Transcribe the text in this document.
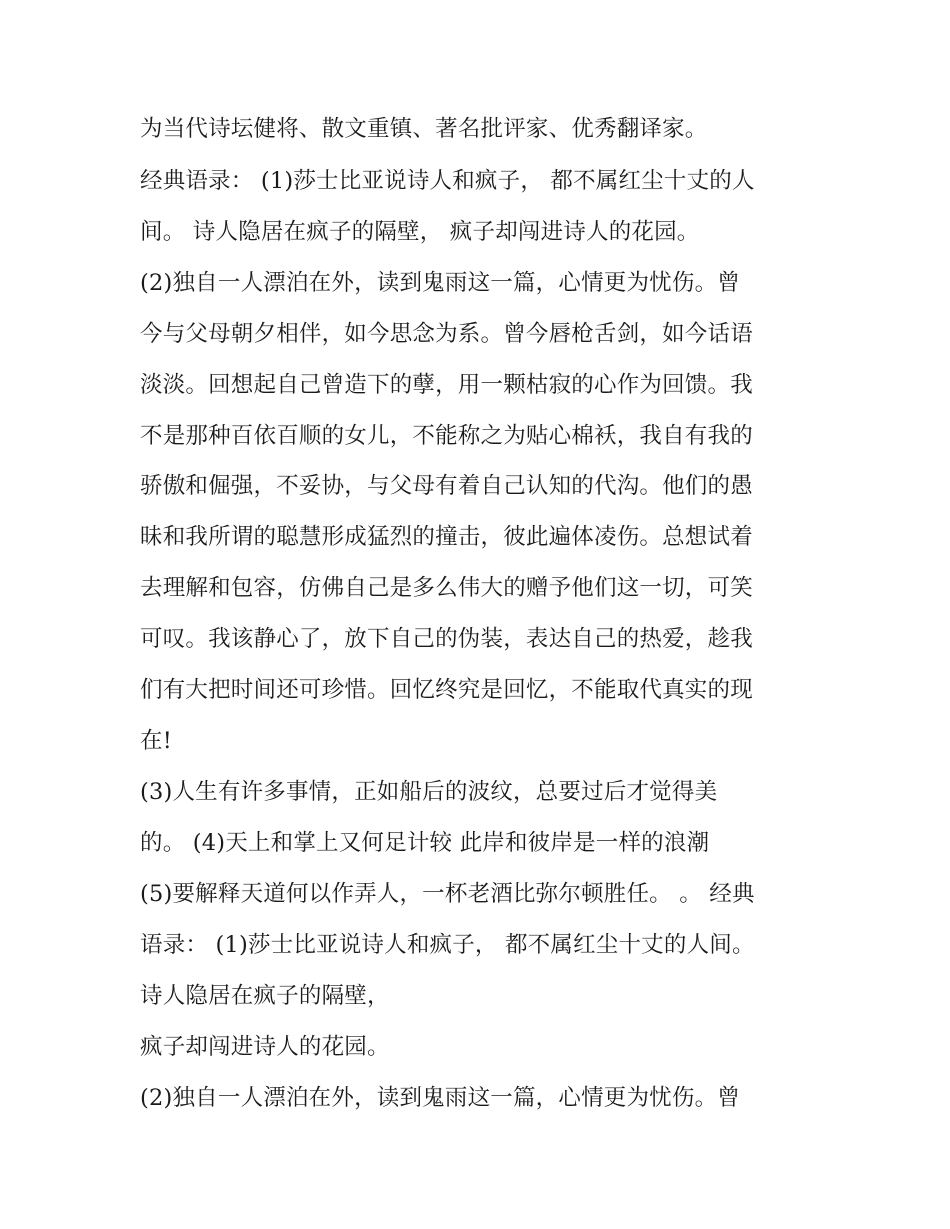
为当代诗坛健将、散文重镇、著名批评家、优秀翻译家。
经典语录： (1)莎士比亚说诗人和疯子， 都不属红尘十丈的人
间。 诗人隐居在疯子的隔壁， 疯子却闯进诗人的花园。
(2)独自一人漂泊在外，读到鬼雨这一篇，心情更为忧伤。曾
今与父母朝夕相伴，如今思念为系。曾今唇枪舌剑，如今话语
淡淡。回想起自己曾造下的孽，用一颗枯寂的心作为回馈。我
不是那种百依百顺的女儿，不能称之为贴心棉袄，我自有我的
骄傲和倔强，不妥协，与父母有着自己认知的代沟。他们的愚
昧和我所谓的聪慧形成猛烈的撞击，彼此遍体凌伤。总想试着
去理解和包容，仿佛自己是多么伟大的赠予他们这一切，可笑
可叹。我该静心了，放下自己的伪装，表达自己的热爱，趁我
们有大把时间还可珍惜。回忆终究是回忆，不能取代真实的现
在!
(3)人生有许多事情，正如船后的波纹，总要过后才觉得美
的。 (4)天上和掌上又何足计较 此岸和彼岸是一样的浪潮
(5)要解释天道何以作弄人，一杯老酒比弥尔顿胜任。 。 经典
语录： (1)莎士比亚说诗人和疯子， 都不属红尘十丈的人间。
诗人隐居在疯子的隔壁，
疯子却闯进诗人的花园。
(2)独自一人漂泊在外，读到鬼雨这一篇，心情更为忧伤。曾
